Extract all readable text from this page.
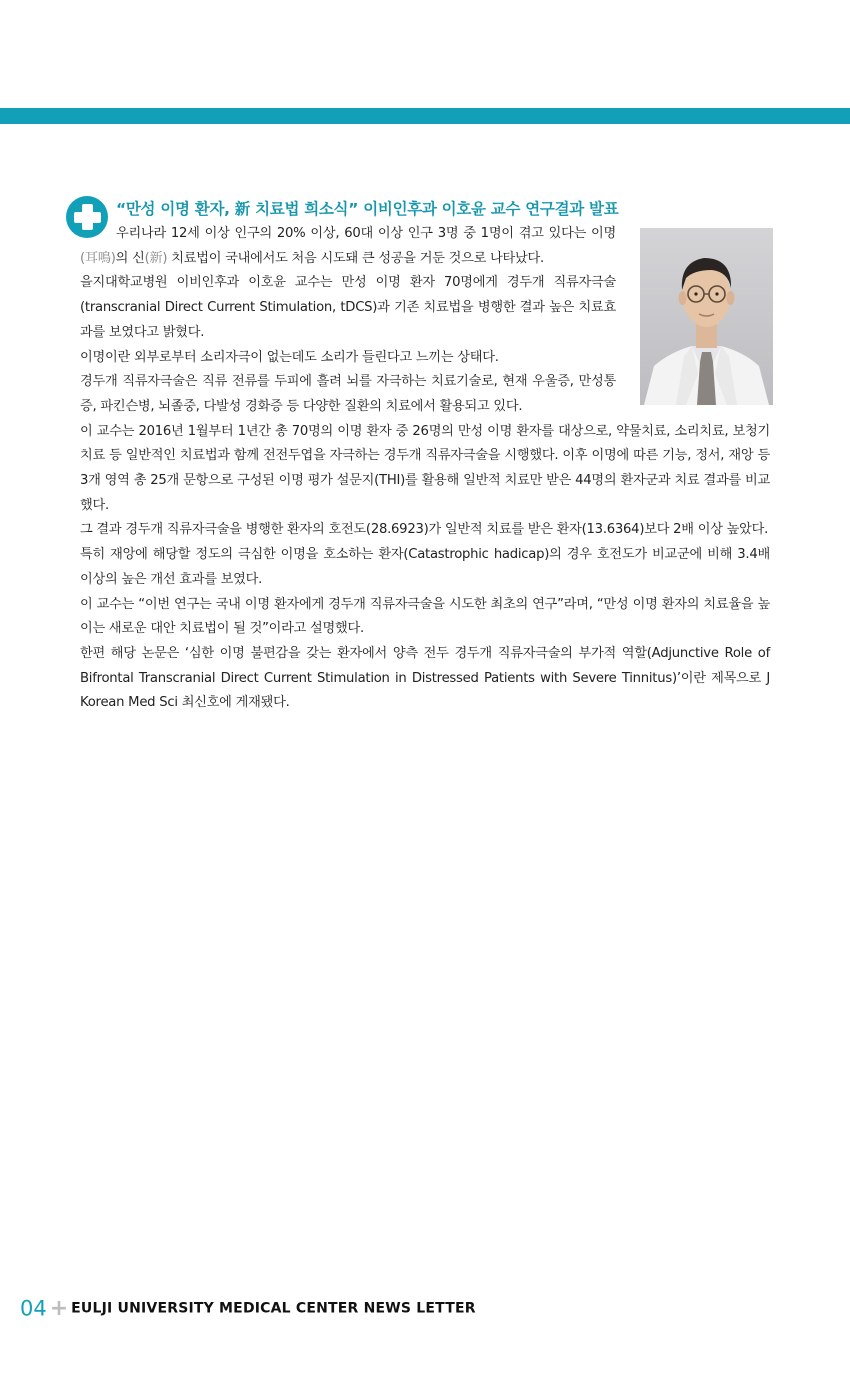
“만성 이명 환자, 新 치료법 희소식” 이비인후과 이호윤 교수 연구결과 발표

우리나라 12세 이상 인구의 20% 이상, 60대 이상 인구 3명 중 1명이 겪고 있다는 이명(耳鳴)의 신(新) 치료법이 국내에서도 처음 시도돼 큰 성공을 거둔 것으로 나타났다.

을지대학교병원 이비인후과 이호윤 교수는 만성 이명 환자 70명에게 경두개 직류자극술 (transcranial Direct Current Stimulation, tDCS)과 기존 치료법을 병행한 결과 높은 치료효과를 보였다고 밝혔다.

이명이란 외부로부터 소리자극이 없는데도 소리가 들린다고 느끼는 상태다.

경두개 직류자극술은 직류 전류를 두피에 흘려 뇌를 자극하는 치료기술로, 현재 우울증, 만성통증, 파킨슨병, 뇌졸중, 다발성 경화증 등 다양한 질환의 치료에서 활용되고 있다.

이 교수는 2016년 1월부터 1년간 총 70명의 이명 환자 중 26명의 만성 이명 환자를 대상으로, 약물치료, 소리치료, 보청기치료 등 일반적인 치료법과 함께 전전두엽을 자극하는 경두개 직류자극술을 시행했다. 이후 이명에 따른 기능, 정서, 재앙 등 3개 영역 총 25개 문항으로 구성된 이명 평가 설문지(THI)를 활용해 일반적 치료만 받은 44명의 환자군과 치료 결과를 비교했다.

그 결과 경두개 직류자극술을 병행한 환자의 호전도(28.6923)가 일반적 치료를 받은 환자(13.6364)보다 2배 이상 높았다.

특히 재앙에 해당할 정도의 극심한 이명을 호소하는 환자(Catastrophic hadicap)의 경우 호전도가 비교군에 비해 3.4배 이상의 높은 개선 효과를 보였다.

이 교수는 “이번 연구는 국내 이명 환자에게 경두개 직류자극술을 시도한 최초의 연구”라며, “만성 이명 환자의 치료율을 높이는 새로운 대안 치료법이 될 것”이라고 설명했다.

한편 해당 논문은 ‘심한 이명 불편감을 갖는 환자에서 양측 전두 경두개 직류자극술의 부가적 역할(Adjunctive Role of Bifrontal Transcranial Direct Current Stimulation in Distressed Patients with Severe Tinnitus)’이란 제목으로 J Korean Med Sci 최신호에 게재됐다.

04 + EULJI UNIVERSITY MEDICAL CENTER NEWS LETTER
